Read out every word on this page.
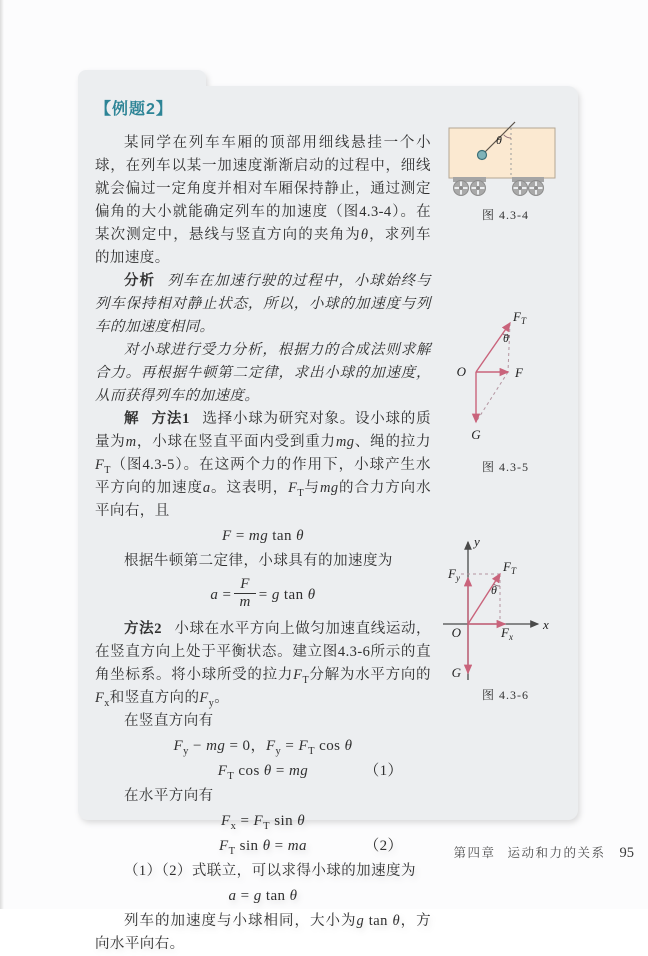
【例题2】

某同学在列车车厢的顶部用细线悬挂一个小球，在列车以某一加速度渐渐启动的过程中，细线就会偏过一定角度并相对车厢保持静止，通过测定偏角的大小就能确定列车的加速度（图4.3-4）。在某次测定中，悬线与竖直方向的夹角为θ，求列车的加速度。

分析 列车在加速行驶的过程中，小球始终与列车保持相对静止状态，所以，小球的加速度与列车的加速度相同。

对小球进行受力分析，根据力的合成法则求解合力。再根据牛顿第二定律，求出小球的加速度，从而获得列车的加速度。

解 方法1 选择小球为研究对象。设小球的质量为m，小球在竖直平面内受到重力mg、绳的拉力$F_T$（图4.3-5）。在这两个力的作用下，小球产生水平方向的加速度a。这表明，$F_T$与mg的合力方向水平向右，且

F = mg tan θ

根据牛顿第二定律，小球具有的加速度为

$a = \frac{F}{m} = g$ tan θ

方法2 小球在水平方向上做匀加速直线运动，在竖直方向上处于平衡状态。建立图4.3-6所示的直角坐标系。将小球所受的拉力$F_T$分解为水平方向的$F_x$和竖直方向的$F_y$。

在竖直方向有

$F_y$ − mg = 0，$F_y = F_T$ cos θ
$F_T$ cos θ = mg	（1）

在水平方向有

$F_x = F_T$ sin θ
$F_T$ sin θ = ma	（2）

（1）（2）式联立，可以求得小球的加速度为

a = g tan θ

列车的加速度与小球相同，大小为g tan θ，方向水平向右。

θ
图 4.3-4
$F_T$
O	F
G
θ
图 4.3-5
y
x
$F_T$
$F_y$
$F_x$
O
G
θ
图 4.3-6
第四章 运动和力的关系 95
